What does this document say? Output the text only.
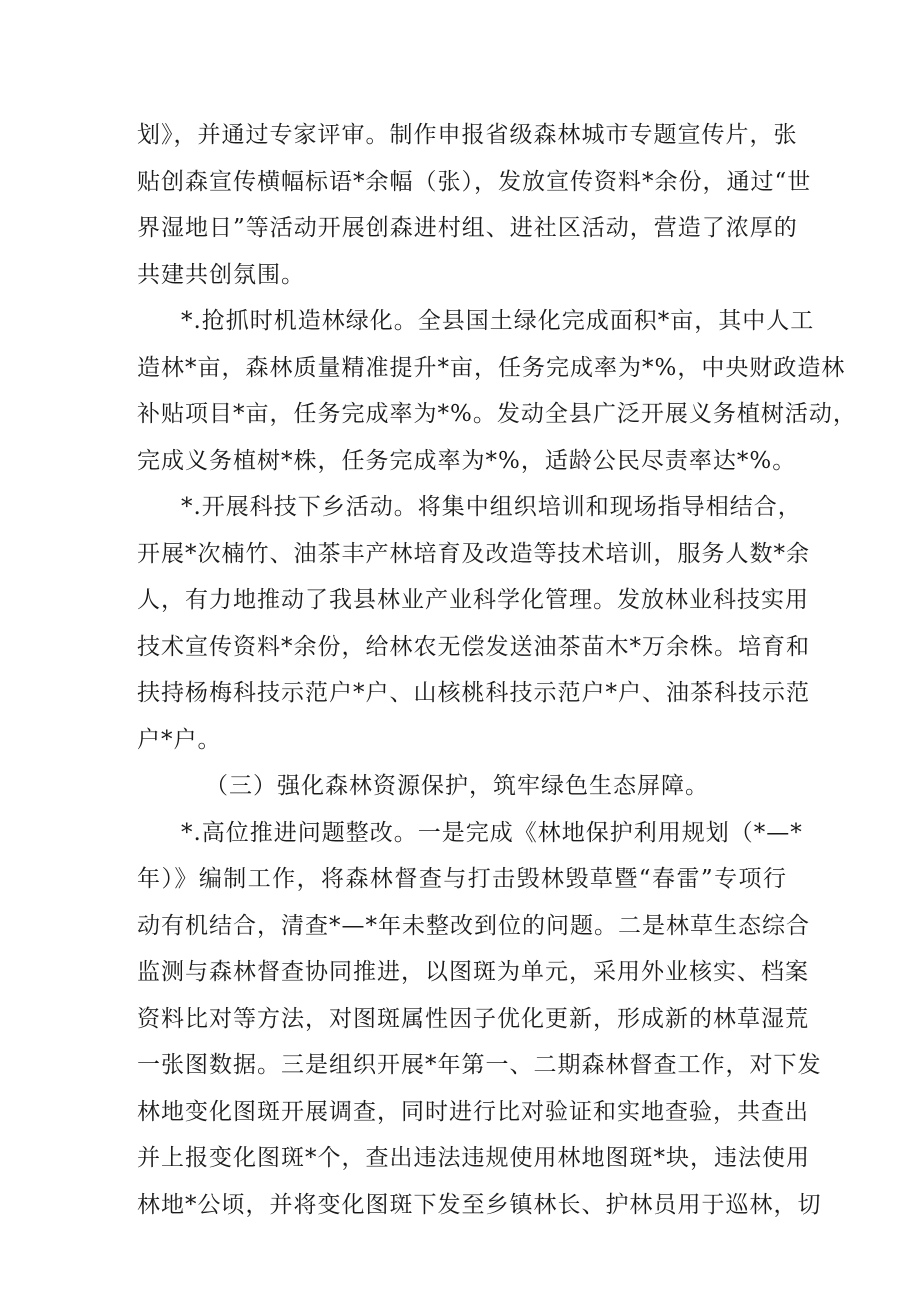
划》，并通过专家评审。制作申报省级森林城市专题宣传片，张
贴创森宣传横幅标语*余幅（张），发放宣传资料*余份，通过“世
界湿地日”等活动开展创森进村组、进社区活动，营造了浓厚的
共建共创氛围。
*.抢抓时机造林绿化。全县国土绿化完成面积*亩，其中人工
造林*亩，森林质量精准提升*亩，任务完成率为*%，中央财政造林
补贴项目*亩，任务完成率为*%。发动全县广泛开展义务植树活动，
完成义务植树*株，任务完成率为*%，适龄公民尽责率达*%。
*.开展科技下乡活动。将集中组织培训和现场指导相结合，
开展*次楠竹、油茶丰产林培育及改造等技术培训，服务人数*余
人，有力地推动了我县林业产业科学化管理。发放林业科技实用
技术宣传资料*余份，给林农无偿发送油茶苗木*万余株。培育和
扶持杨梅科技示范户*户、山核桃科技示范户*户、油茶科技示范
户*户。
（三）强化森林资源保护，筑牢绿色生态屏障。
*.高位推进问题整改。一是完成《林地保护利用规划（*—*
年）》编制工作，将森林督查与打击毁林毁草暨“春雷”专项行
动有机结合，清查*—*年未整改到位的问题。二是林草生态综合
监测与森林督查协同推进，以图斑为单元，采用外业核实、档案
资料比对等方法，对图斑属性因子优化更新，形成新的林草湿荒
一张图数据。三是组织开展*年第一、二期森林督查工作，对下发
林地变化图斑开展调查，同时进行比对验证和实地查验，共查出
并上报变化图斑*个，查出违法违规使用林地图斑*块，违法使用
林地*公顷，并将变化图斑下发至乡镇林长、护林员用于巡林，切
